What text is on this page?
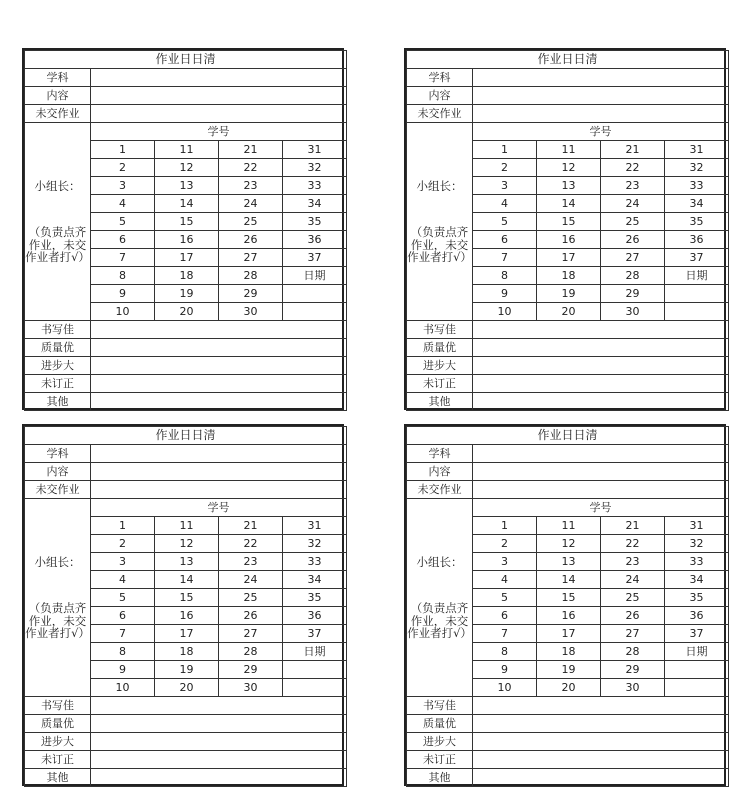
作业日日清				
学科				
内容				
未交作业				

小组长：
（负责点齐作业，未交作业者打√）	学号			
	1	11	21	31
	2	12	22	32
	3	13	23	33
	4	14	24	34
	5	15	25	35
	6	16	26	36
	7	17	27	37
	8	18	28	日期
	9	19	29	
	10	20	30	
书写佳				
质量优				
进步大				
未订正				
其他				
作业日日清				
学科				
内容				
未交作业				

小组长：
（负责点齐作业，未交作业者打√）	学号			
	1	11	21	31
	2	12	22	32
	3	13	23	33
	4	14	24	34
	5	15	25	35
	6	16	26	36
	7	17	27	37
	8	18	28	日期
	9	19	29	
	10	20	30	
书写佳				
质量优				
进步大				
未订正				
其他				
作业日日清				
学科				
内容				
未交作业				

小组长：
（负责点齐作业，未交作业者打√）	学号			
	1	11	21	31
	2	12	22	32
	3	13	23	33
	4	14	24	34
	5	15	25	35
	6	16	26	36
	7	17	27	37
	8	18	28	日期
	9	19	29	
	10	20	30	
书写佳				
质量优				
进步大				
未订正				
其他				
作业日日清				
学科				
内容				
未交作业				

小组长：
（负责点齐作业，未交作业者打√）	学号			
	1	11	21	31
	2	12	22	32
	3	13	23	33
	4	14	24	34
	5	15	25	35
	6	16	26	36
	7	17	27	37
	8	18	28	日期
	9	19	29	
	10	20	30	
书写佳				
质量优				
进步大				
未订正				
其他				
